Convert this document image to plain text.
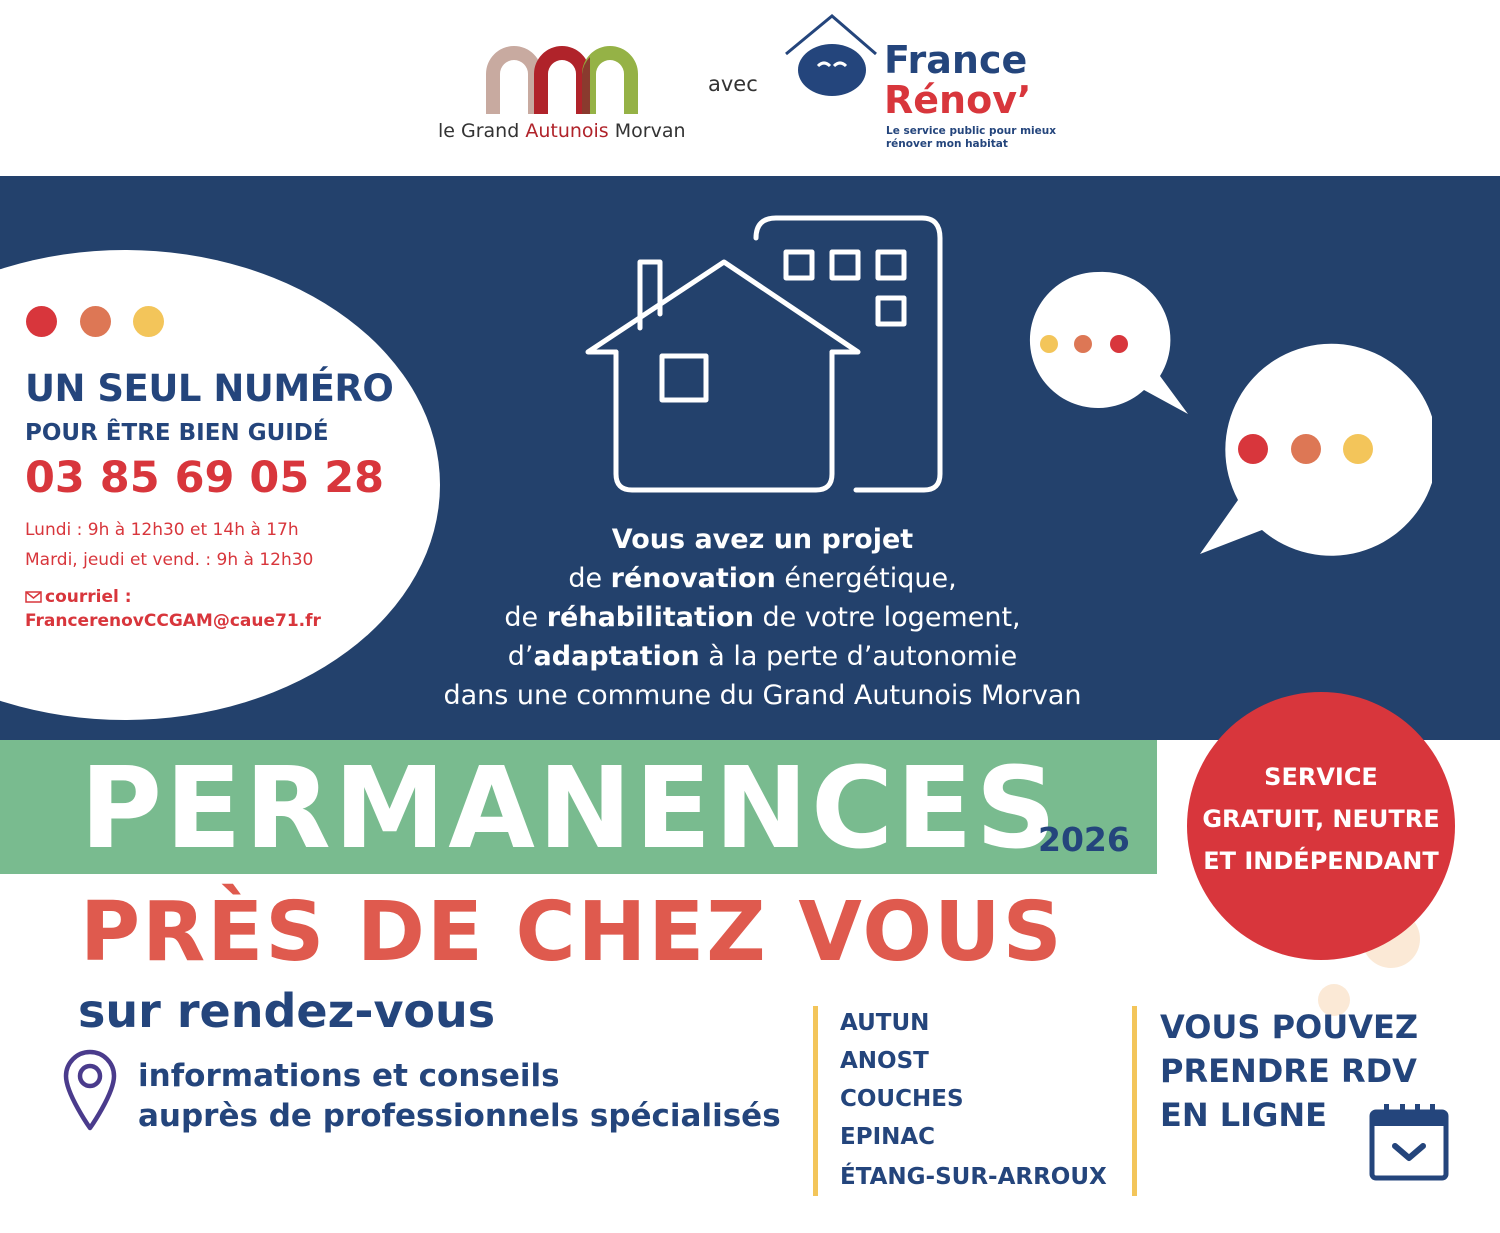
le Grand Autunois Morvan
avec
France
Rénov’
Le service public pour mieux
rénover mon habitat
UN SEUL NUMÉRO
POUR ÊTRE BIEN GUIDÉ
03 85 69 05 28
Lundi : 9h à 12h30 et 14h à 17h
Mardi, jeudi et vend. : 9h à 12h30
courriel :
FrancerenovCCGAM@caue71.fr
Vous avez un projet
de rénovation énergétique,
de réhabilitation de votre logement,
d’adaptation à la perte d’autonomie
dans une commune du Grand Autunois Morvan
PERMANENCES
2026
SERVICE
GRATUIT, NEUTRE
ET INDÉPENDANT
PRÈS DE CHEZ VOUS
sur rendez-vous
informations et conseils
auprès de professionnels spécialisés
AUTUN
ANOST
COUCHES
EPINAC
ÉTANG-SUR-ARROUX
VOUS POUVEZ
PRENDRE RDV
EN LIGNE
